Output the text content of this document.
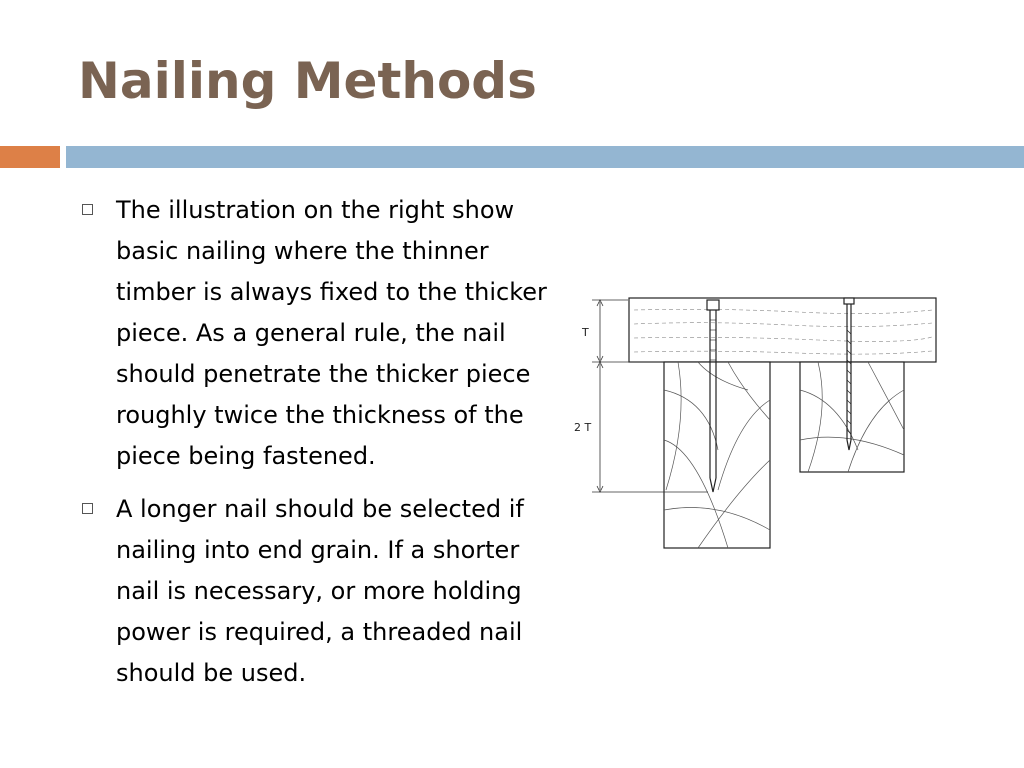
Nailing Methods
The illustration on the right show basic nailing where the thinner timber is always fixed to the thicker piece. As a general rule, the nail should penetrate the thicker piece roughly twice the thickness of the piece being fastened.
A longer nail should be selected if nailing into end grain. If a shorter nail is necessary, or more holding power is required, a threaded nail should be used.
T
2 T
